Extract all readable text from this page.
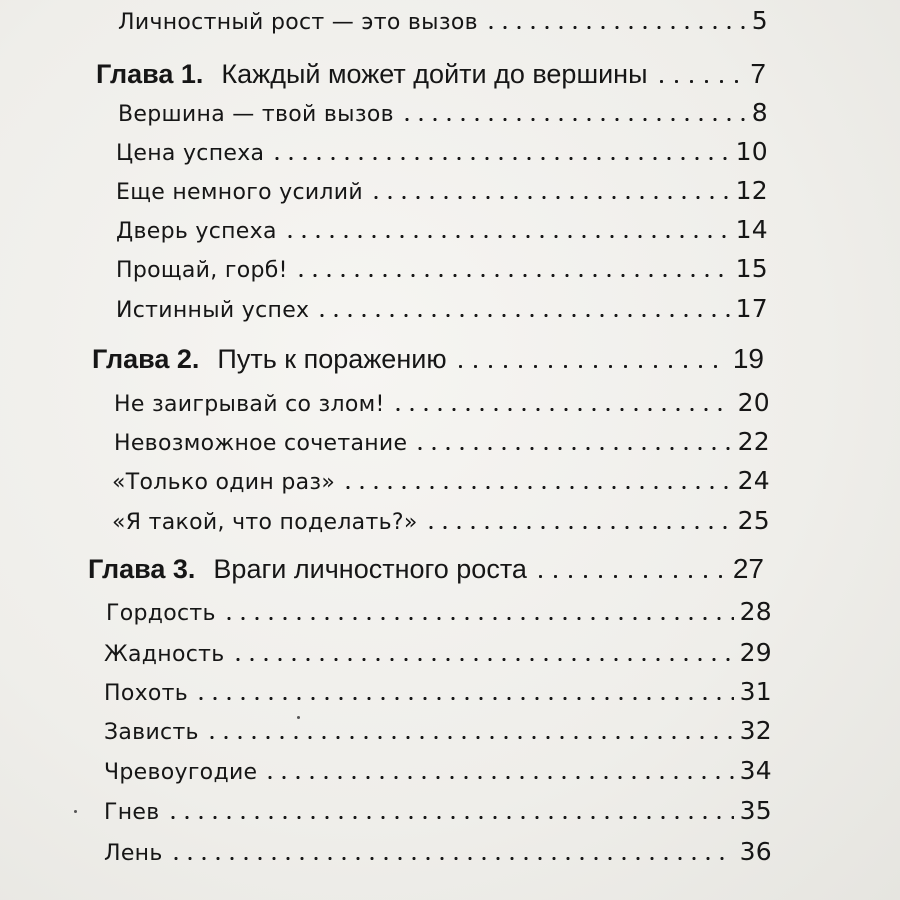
Личностный рост — это вызов	5
Глава 1. Каждый может дойти до вершины	7
Вершина — твой вызов	8
Цена успеха	10
Еще немного усилий	12
Дверь успеха	14
Прощай, горб!	15
Истинный успех	17
Глава 2. Путь к поражению	19
Не заигрывай со злом!	20
Невозможное сочетание	22
«Только один раз»	24
«Я такой, что поделать?»	25
Глава 3. Враги личностного роста	27
Гордость	28
Жадность	29
Похоть	31
Зависть	32
Чревоугодие	34
Гнев	35
Лень	36
